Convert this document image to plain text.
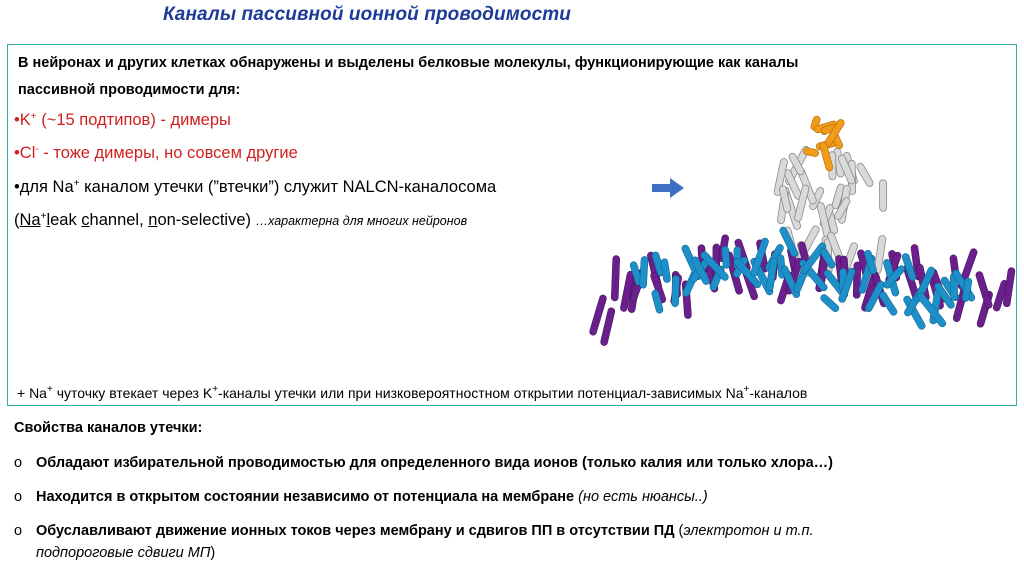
Каналы пассивной ионной проводимости
В нейронах и других клетках обнаружены и выделены белковые молекулы, функционирующие как каналы
пассивной проводимости для:
•K+ (~15 подтипов) - димеры
•Cl- - тоже димеры, но совсем другие
•для Na+ каналом утечки (”втечки”) служит NALCN-каналосома
(Na+leak channel, non-selective) …характерна для многих нейронов
+ Na+ чуточку втекает через K+-каналы утечки или при низковероятностном открытии потенциал-зависимых Na+-каналов
Свойства каналов утечки:
o Обладают избирательной проводимостью для определенного вида ионов (только калия или только хлора…)
o Находится в открытом состоянии независимо от потенциала на мембране (но есть нюансы..)
o Обуславливают движение ионных токов через мембрану и сдвигов ПП в отсутствии ПД (электротон и т.п.
подпороговые сдвиги МП)
